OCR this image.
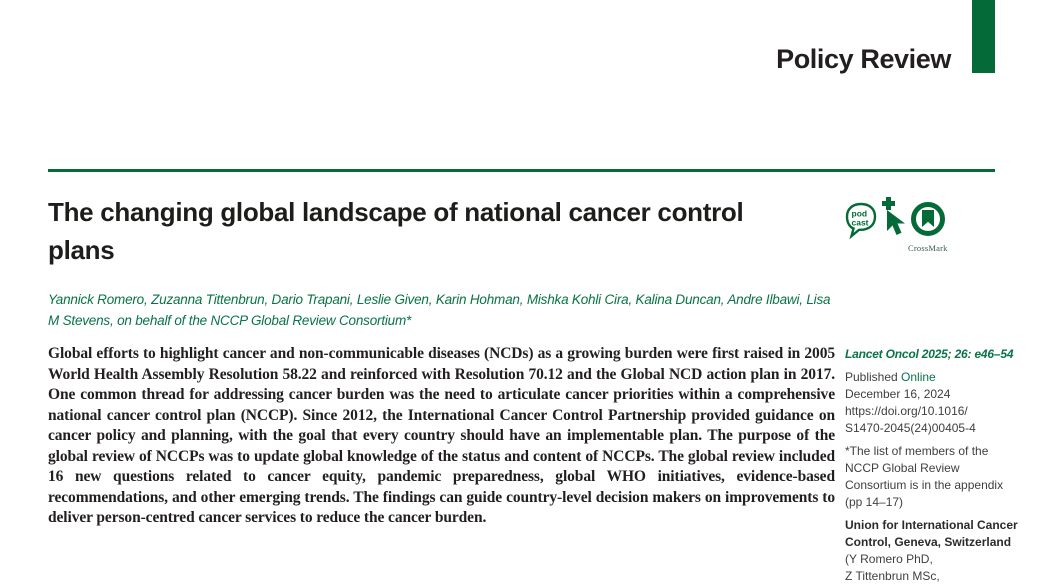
Policy Review
The changing global landscape of national cancer control
plans

Yannick Romero, Zuzanna Tittenbrun, Dario Trapani, Leslie Given, Karin Hohman, Mishka Kohli Cira, Kalina Duncan, Andre Ilbawi, Lisa M Stevens, on behalf of the NCCP Global Review Consortium*

Global efforts to highlight cancer and non-communicable diseases (NCDs) as a growing burden were first raised in 2005 World Health Assembly Resolution 58.22 and reinforced with Resolution 70.12 and the Global NCD action plan in 2017. One common thread for addressing cancer burden was the need to articulate cancer priorities within a comprehensive national cancer control plan (NCCP). Since 2012, the International Cancer Control Partnership provided guidance on cancer policy and planning, with the goal that every country should have an implementable plan. The purpose of the global review of NCCPs was to update global knowledge of the status and content of NCCPs. The global review included 16 new questions related to cancer equity, pandemic preparedness, global WHO initiatives, evidence-based recommendations, and other emerging trends. The findings can guide country-level decision makers on improvements to deliver person-centred cancer services to reduce the cancer burden.

pod
cast
CrossMark
Lancet Oncol 2025; 26: e46–54
Published Online
December 16, 2024
https://doi.org/10.1016/
S1470-2045(24)00405-4
*The list of members of the NCCP Global Review Consortium is in the appendix (pp 14–17)
Union for International Cancer Control, Geneva, Switzerland
(Y Romero PhD,
Z Tittenbrun MSc,
